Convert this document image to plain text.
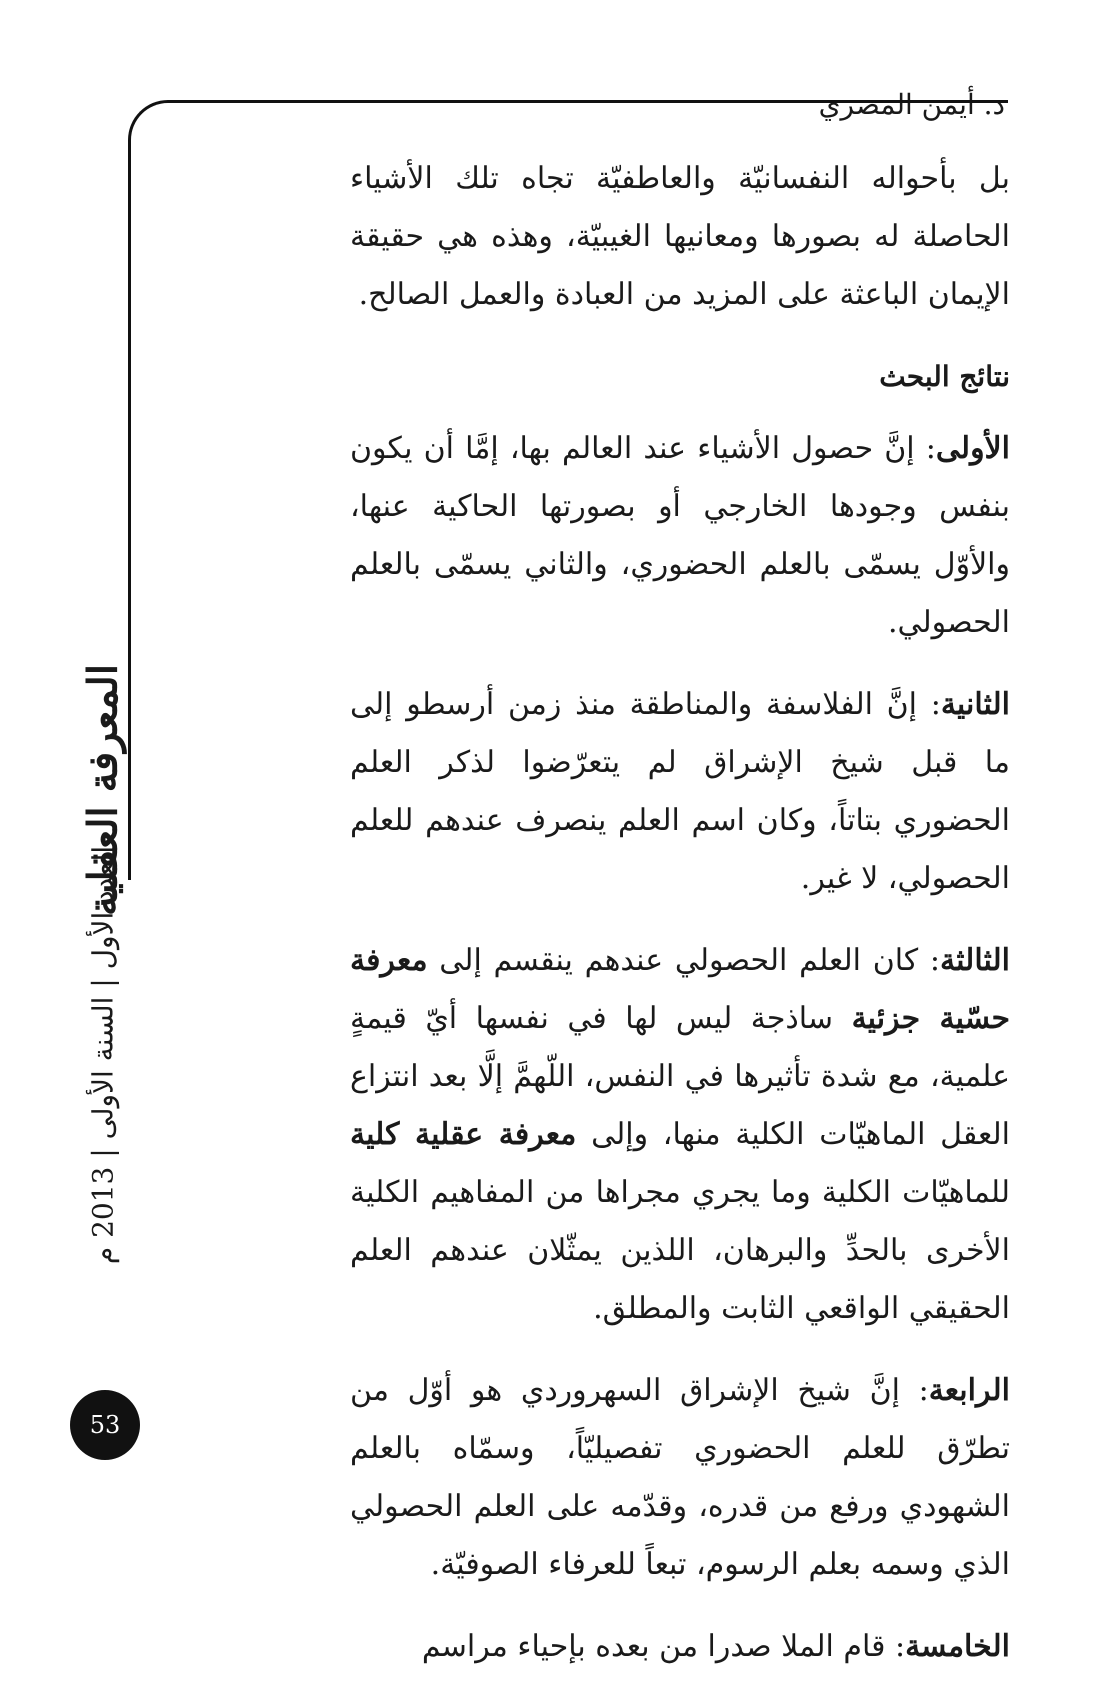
د. أيمن المصري

بل بأحواله النفسانيّة والعاطفيّة تجاه تلك الأشياء الحاصلة له بصورها ومعانيها الغيبيّة، وهذه هي حقيقة الإيمان الباعثة على المزيد من العبادة والعمل الصالح.

نتائج البحث

الأولى: إنَّ حصول الأشياء عند العالم بها، إمَّا أن يكون بنفس وجودها الخارجي أو بصورتها الحاكية عنها، والأوّل يسمّى بالعلم الحضوري، والثاني يسمّى بالعلم الحصولي.

الثانية: إنَّ الفلاسفة والمناطقة منذ زمن أرسطو إلى ما قبل شيخ الإشراق لم يتعرّضوا لذكر العلم الحضوري بتاتاً، وكان اسم العلم ينصرف عندهم للعلم الحصولي، لا غير.

الثالثة: كان العلم الحصولي عندهم ينقسم إلى معرفة حسّية جزئية ساذجة ليس لها في نفسها أيّ قيمةٍ علمية، مع شدة تأثيرها في النفس، اللّهمَّ إلَّا بعد انتزاع العقل الماهيّات الكلية منها، وإلى معرفة عقلية كلية للماهيّات الكلية وما يجري مجراها من المفاهيم الكلية الأخرى بالحدِّ والبرهان، اللذين يمثّلان عندهم العلم الحقيقي الواقعي الثابت والمطلق.

الرابعة: إنَّ شيخ الإشراق السهروردي هو أوّل من تطرّق للعلم الحضوري تفصيليّاً، وسمّاه بالعلم الشهودي ورفع من قدره، وقدّمه على العلم الحصولي الذي وسمه بعلم الرسوم، تبعاً للعرفاء الصوفيّة.

الخامسة: قام الملا صدرا من بعده بإحياء مراسم

المعرفة العقلية
العدد الأول | السنة الأولى | 2013 م
53
